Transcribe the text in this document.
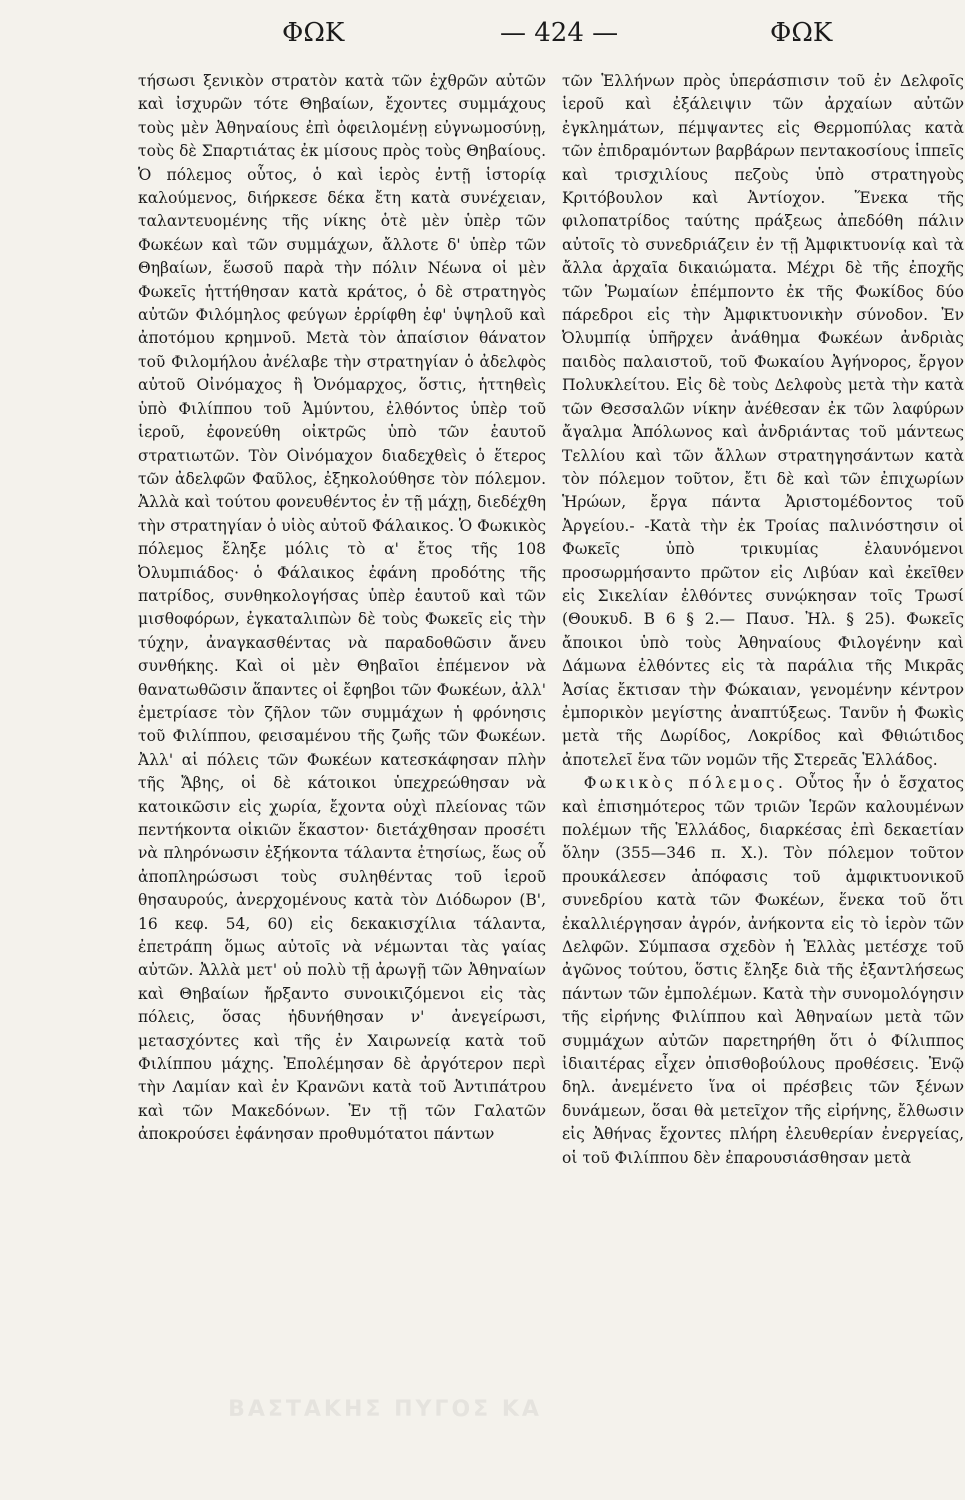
ΦΩΚ	— 424 —	ΦΩΚ

τήσωσι ξενικὸν στρατὸν κατὰ τῶν ἐχθρῶν αὐτῶν καὶ ἰσχυρῶν τότε Θηβαίων, ἔχοντες συμμάχους τοὺς μὲν Ἀθηναίους ἐπὶ ὀφειλομένῃ εὐγνωμοσύνῃ, τοὺς δὲ Σπαρτιάτας ἐκ μίσους πρὸς τοὺς Θηβαίους. Ὁ πόλεμος οὗτος, ὁ καὶ ἱερὸς ἐντῇ ἱστορίᾳ καλούμενος, διήρκεσε δέκα ἔτη κατὰ συνέχειαν, ταλαντευομένης τῆς νίκης ὁτὲ μὲν ὑπὲρ τῶν Φωκέων καὶ τῶν συμμάχων, ἄλλοτε δ' ὑπὲρ τῶν Θηβαίων, ἕωσοῦ παρὰ τὴν πόλιν Νέωνα οἱ μὲν Φωκεῖς ἡττήθησαν κατὰ κράτος, ὁ δὲ στρατηγὸς αὐτῶν Φιλόμηλος φεύγων ἐρρίφθη ἐφ' ὑψηλοῦ καὶ ἀποτόμου κρημνοῦ. Μετὰ τὸν ἀπαίσιον θάνατον τοῦ Φιλομήλου ἀνέλαβε τὴν στρατηγίαν ὁ ἀδελφὸς αὐτοῦ Οἰνόμαχος ἢ Ὀνόμαρχος, ὅστις, ἡττηθεὶς ὑπὸ Φιλίππου τοῦ Ἀμύντου, ἐλθόντος ὑπὲρ τοῦ ἱεροῦ, ἐφονεύθη οἰκτρῶς ὑπὸ τῶν ἑαυτοῦ στρατιωτῶν. Τὸν Οἰνόμαχον διαδεχθεὶς ὁ ἕτερος τῶν ἀδελφῶν Φαῦλος, ἐξηκολούθησε τὸν πόλεμον. Ἀλλὰ καὶ τούτου φονευθέντος ἐν τῇ μάχῃ, διεδέχθη τὴν στρατηγίαν ὁ υἱὸς αὐτοῦ Φάλαικος. Ὁ Φωκικὸς πόλεμος ἔληξε μόλις τὸ α' ἔτος τῆς 108 Ὀλυμπιάδος· ὁ Φάλαικος ἐφάνη προδότης τῆς πατρίδος, συνθηκολογήσας ὑπὲρ ἑαυτοῦ καὶ τῶν μισθοφόρων, ἐγκαταλιπὼν δὲ τοὺς Φωκεῖς εἰς τὴν τύχην, ἀναγκασθέντας νὰ παραδοθῶσιν ἄνευ συνθήκης. Καὶ οἱ μὲν Θηβαῖοι ἐπέμενον νὰ θανατωθῶσιν ἅπαντες οἱ ἔφηβοι τῶν Φωκέων, ἀλλ' ἐμετρίασε τὸν ζῆλον τῶν συμμάχων ἡ φρόνησις τοῦ Φιλίππου, φεισαμένου τῆς ζωῆς τῶν Φωκέων. Ἀλλ' αἱ πόλεις τῶν Φωκέων κατεσκάφησαν πλὴν τῆς Ἄβης, οἱ δὲ κάτοικοι ὑπεχρεώθησαν νὰ κατοικῶσιν εἰς χωρία, ἔχοντα οὐχὶ πλείονας τῶν πεντήκοντα οἰκιῶν ἕκαστον· διετάχθησαν προσέτι νὰ πληρόνωσιν ἑξήκοντα τάλαντα ἐτησίως, ἕως οὗ ἀποπληρώσωσι τοὺς συληθέντας τοῦ ἱεροῦ θησαυρούς, ἀνερχομένους κατὰ τὸν Διόδωρον (Β', 16 κεφ. 54, 60) εἰς δεκακισχίλια τάλαντα, ἐπετράπη ὅμως αὐτοῖς νὰ νέμωνται τὰς γαίας αὐτῶν. Ἀλλὰ μετ' οὐ πολὺ τῇ ἀρωγῇ τῶν Ἀθηναίων καὶ Θηβαίων ἤρξαντο συνοικιζόμενοι εἰς τὰς πόλεις, ὅσας ἠδυνήθησαν ν' ἀνεγείρωσι, μετασχόντες καὶ τῆς ἐν Χαιρωνείᾳ κατὰ τοῦ Φιλίππου μάχης. Ἐπολέμησαν δὲ ἀργότερον περὶ τὴν Λαμίαν καὶ ἐν Κρανῶνι κατὰ τοῦ Ἀντιπάτρου καὶ τῶν Μακεδόνων. Ἐν τῇ τῶν Γαλατῶν ἀποκρούσει ἐφάνησαν προθυμότατοι πάντων

τῶν Ἑλλήνων πρὸς ὑπεράσπισιν τοῦ ἐν Δελφοῖς ἱεροῦ καὶ ἐξάλειψιν τῶν ἀρχαίων αὐτῶν ἐγκλημάτων, πέμψαντες εἰς Θερμοπύλας κατὰ τῶν ἐπιδραμόντων βαρβάρων πεντακοσίους ἱππεῖς καὶ τρισχιλίους πεζοὺς ὑπὸ στρατηγοὺς Κριτόβουλον καὶ Ἀντίοχον. Ἕνεκα τῆς φιλοπατρίδος ταύτης πράξεως ἀπεδόθη πάλιν αὐτοῖς τὸ συνεδριάζειν ἐν τῇ Ἀμφικτυονίᾳ καὶ τὰ ἄλλα ἀρχαῖα δικαιώματα. Μέχρι δὲ τῆς ἐποχῆς τῶν Ῥωμαίων ἐπέμποντο ἐκ τῆς Φωκίδος δύο πάρεδροι εἰς τὴν Ἀμφικτυονικὴν σύνοδον. Ἐν Ὀλυμπίᾳ ὑπῆρχεν ἀνάθημα Φωκέων ἀνδριὰς παιδὸς παλαιστοῦ, τοῦ Φωκαίου Ἀγήνορος, ἔργον Πολυκλείτου. Εἰς δὲ τοὺς Δελφοὺς μετὰ τὴν κατὰ τῶν Θεσσαλῶν νίκην ἀνέθεσαν ἐκ τῶν λαφύρων ἄγαλμα Ἀπόλωνος καὶ ἀνδριάντας τοῦ μάντεως Τελλίου καὶ τῶν ἄλλων στρατηγησάντων κατὰ τὸν πόλεμον τοῦτον, ἔτι δὲ καὶ τῶν ἐπιχωρίων Ἡρώων, ἔργα πάντα Ἀριστομέδοντος τοῦ Ἀργείου.- -Κατὰ τὴν ἐκ Τροίας παλινόστησιν οἱ Φωκεῖς ὑπὸ τρικυμίας ἐλαυνόμενοι προσωρμήσαντο πρῶτον εἰς Λιβύαν καὶ ἐκεῖθεν εἰς Σικελίαν ἐλθόντες συνῴκησαν τοῖς Τρωσί (Θουκυδ. Β 6 § 2.— Παυσ. Ἠλ. § 25). Φωκεῖς ἄποικοι ὑπὸ τοὺς Ἀθηναίους Φιλογένην καὶ Δάμωνα ἐλθόντες εἰς τὰ παράλια τῆς Μικρᾶς Ἀσίας ἔκτισαν τὴν Φώκαιαν, γενομένην κέντρον ἐμπορικὸν μεγίστης ἀναπτύξεως. Τανῦν ἡ Φωκὶς μετὰ τῆς Δωρίδος, Λοκρίδος καὶ Φθιώτιδος ἀποτελεῖ ἕνα τῶν νομῶν τῆς Στερεᾶς Ἑλλάδος.

Φωκικὸς πόλεμος. Οὗτος ἦν ὁ ἔσχατος καὶ ἐπισημότερος τῶν τριῶν Ἱερῶν καλουμένων πολέμων τῆς Ἑλλάδος, διαρκέσας ἐπὶ δεκαετίαν ὅλην (355—346 π. Χ.). Τὸν πόλεμον τοῦτον προυκάλεσεν ἀπόφασις τοῦ ἀμφικτυονικοῦ συνεδρίου κατὰ τῶν Φωκέων, ἕνεκα τοῦ ὅτι ἐκαλλιέργησαν ἀγρόν, ἀνήκοντα εἰς τὸ ἱερὸν τῶν Δελφῶν. Σύμπασα σχεδὸν ἡ Ἑλλὰς μετέσχε τοῦ ἀγῶνος τούτου, ὅστις ἔληξε διὰ τῆς ἐξαντλήσεως πάντων τῶν ἐμπολέμων. Κατὰ τὴν συνομολόγησιν τῆς εἰρήνης Φιλίππου καὶ Ἀθηναίων μετὰ τῶν συμμάχων αὐτῶν παρετηρήθη ὅτι ὁ Φίλιππος ἰδιαιτέρας εἶχεν ὀπισθοβούλους προθέσεις. Ἐνῷ δηλ. ἀνεμένετο ἵνα οἱ πρέσβεις τῶν ξένων δυνάμεων, ὅσαι θὰ μετεῖχον τῆς εἰρήνης, ἔλθωσιν εἰς Ἀθήνας ἔχοντες πλήρη ἐλευθερίαν ἐνεργείας, οἱ τοῦ Φιλίππου δὲν ἐπαρουσιάσθησαν μετὰ

ΒΑΣΤΑΚΗΣ ΠΥΓΟΣ ΚΑ
